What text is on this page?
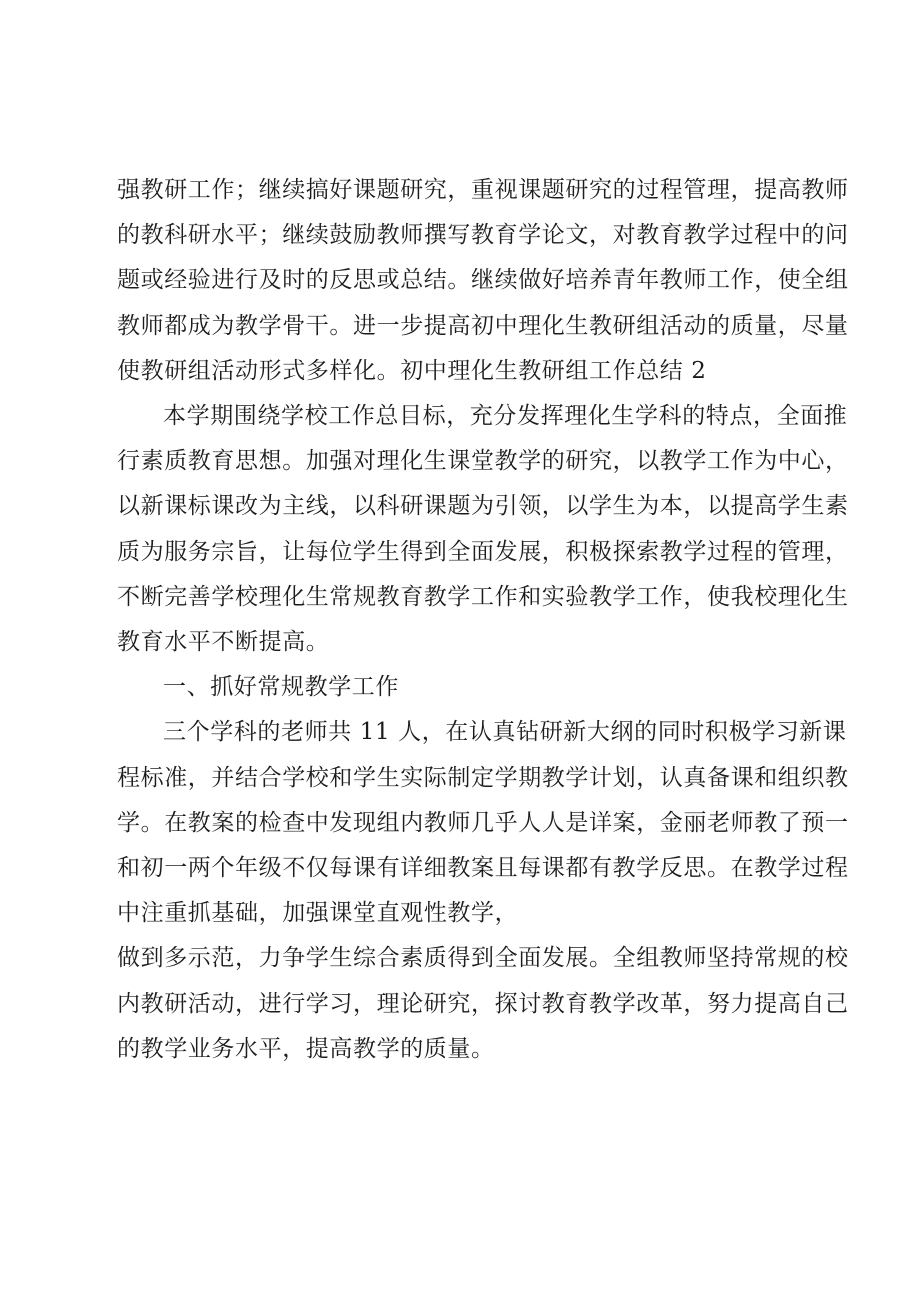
强教研工作；继续搞好课题研究，重视课题研究的过程管理，提高教师
的教科研水平；继续鼓励教师撰写教育学论文，对教育教学过程中的问
题或经验进行及时的反思或总结。继续做好培养青年教师工作，使全组
教师都成为教学骨干。进一步提高初中理化生教研组活动的质量，尽量
使教研组活动形式多样化。初中理化生教研组工作总结 2

本学期围绕学校工作总目标，充分发挥理化生学科的特点，全面推
行素质教育思想。加强对理化生课堂教学的研究，以教学工作为中心，
以新课标课改为主线，以科研课题为引领，以学生为本，以提高学生素
质为服务宗旨，让每位学生得到全面发展，积极探索教学过程的管理，
不断完善学校理化生常规教育教学工作和实验教学工作，使我校理化生
教育水平不断提高。

一、抓好常规教学工作

三个学科的老师共 11 人，在认真钻研新大纲的同时积极学习新课
程标准，并结合学校和学生实际制定学期教学计划，认真备课和组织教
学。在教案的检查中发现组内教师几乎人人是详案，金丽老师教了预一
和初一两个年级不仅每课有详细教案且每课都有教学反思。在教学过程
中注重抓基础，加强课堂直观性教学，

做到多示范，力争学生综合素质得到全面发展。全组教师坚持常规的校
内教研活动，进行学习，理论研究，探讨教育教学改革，努力提高自己
的教学业务水平，提高教学的质量。
